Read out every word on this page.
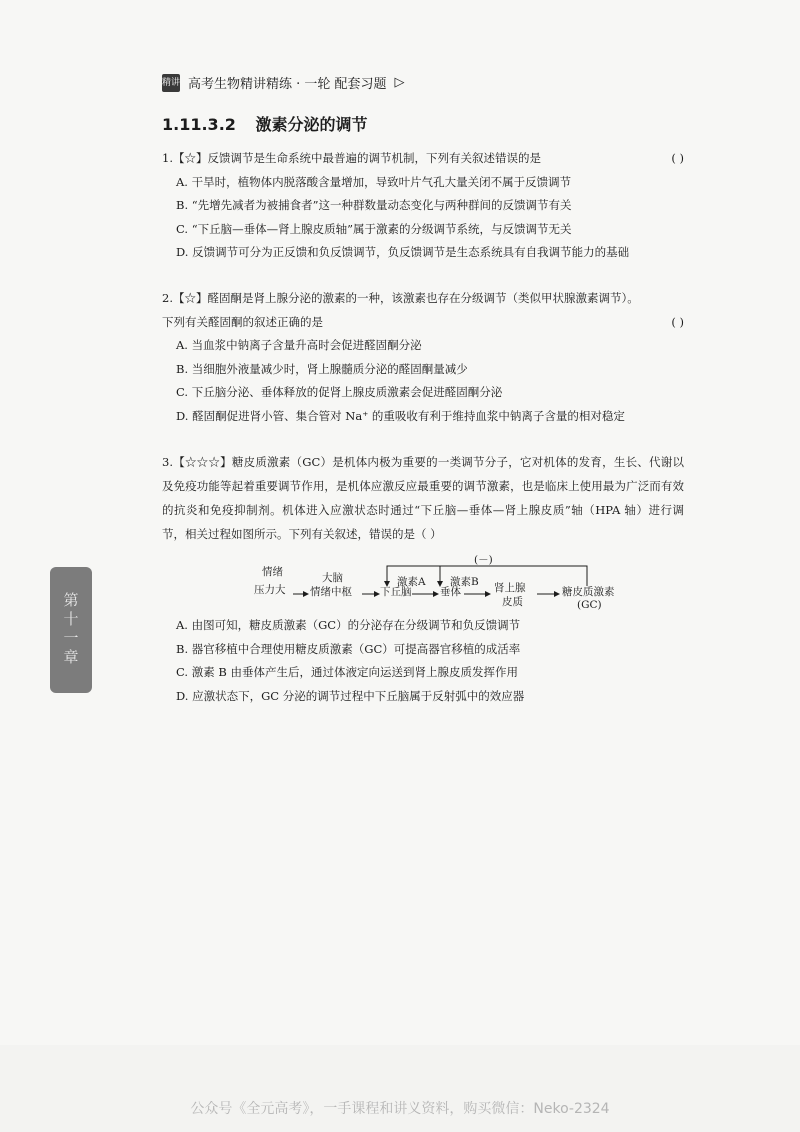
精讲 高考生物精讲精练 · 一轮 配套习题 ▷
1.11.3.2 激素分泌的调节
1.【☆】反馈调节是生命系统中最普遍的调节机制，下列有关叙述错误的是	( )
A. 干旱时，植物体内脱落酸含量增加，导致叶片气孔大量关闭不属于反馈调节
B. “先增先减者为被捕食者”这一种群数量动态变化与两种群间的反馈调节有关
C. “下丘脑—垂体—肾上腺皮质轴”属于激素的分级调节系统，与反馈调节无关
D. 反馈调节可分为正反馈和负反馈调节，负反馈调节是生态系统具有自我调节能力的基础
2.【☆】醛固酮是肾上腺分泌的激素的一种，该激素也存在分级调节（类似甲状腺激素调节）。
下列有关醛固酮的叙述正确的是	( )
A. 当血浆中钠离子含量升高时会促进醛固酮分泌
B. 当细胞外液量减少时，肾上腺髓质分泌的醛固酮量减少
C. 下丘脑分泌、垂体释放的促肾上腺皮质激素会促进醛固酮分泌
D. 醛固酮促进肾小管、集合管对 Na⁺ 的重吸收有利于维持血浆中钠离子含量的相对稳定
3.【☆☆☆】糖皮质激素（GC）是机体内极为重要的一类调节分子，它对机体的发育，生长、代谢以及免疫功能等起着重要调节作用，是机体应激反应最重要的调节激素，也是临床上使用最为广泛而有效的抗炎和免疫抑制剂。机体进入应激状态时通过“下丘脑—垂体—肾上腺皮质”轴（HPA 轴）进行调节，相关过程如图所示。下列有关叙述，错误的是（ ）
情绪
压力大
大脑
情绪中枢	下丘脑
激素A
垂体
激素B 肾上腺
皮质
糖皮质激素
(GC)
(－)
A. 由图可知，糖皮质激素（GC）的分泌存在分级调节和负反馈调节
B. 器官移植中合理使用糖皮质激素（GC）可提高器官移植的成活率
C. 激素 B 由垂体产生后，通过体液定向运送到肾上腺皮质发挥作用
D. 应激状态下，GC 分泌的调节过程中下丘脑属于反射弧中的效应器
第十一章
公众号《全元高考》，一手课程和讲义资料，购买微信：Neko-2324
